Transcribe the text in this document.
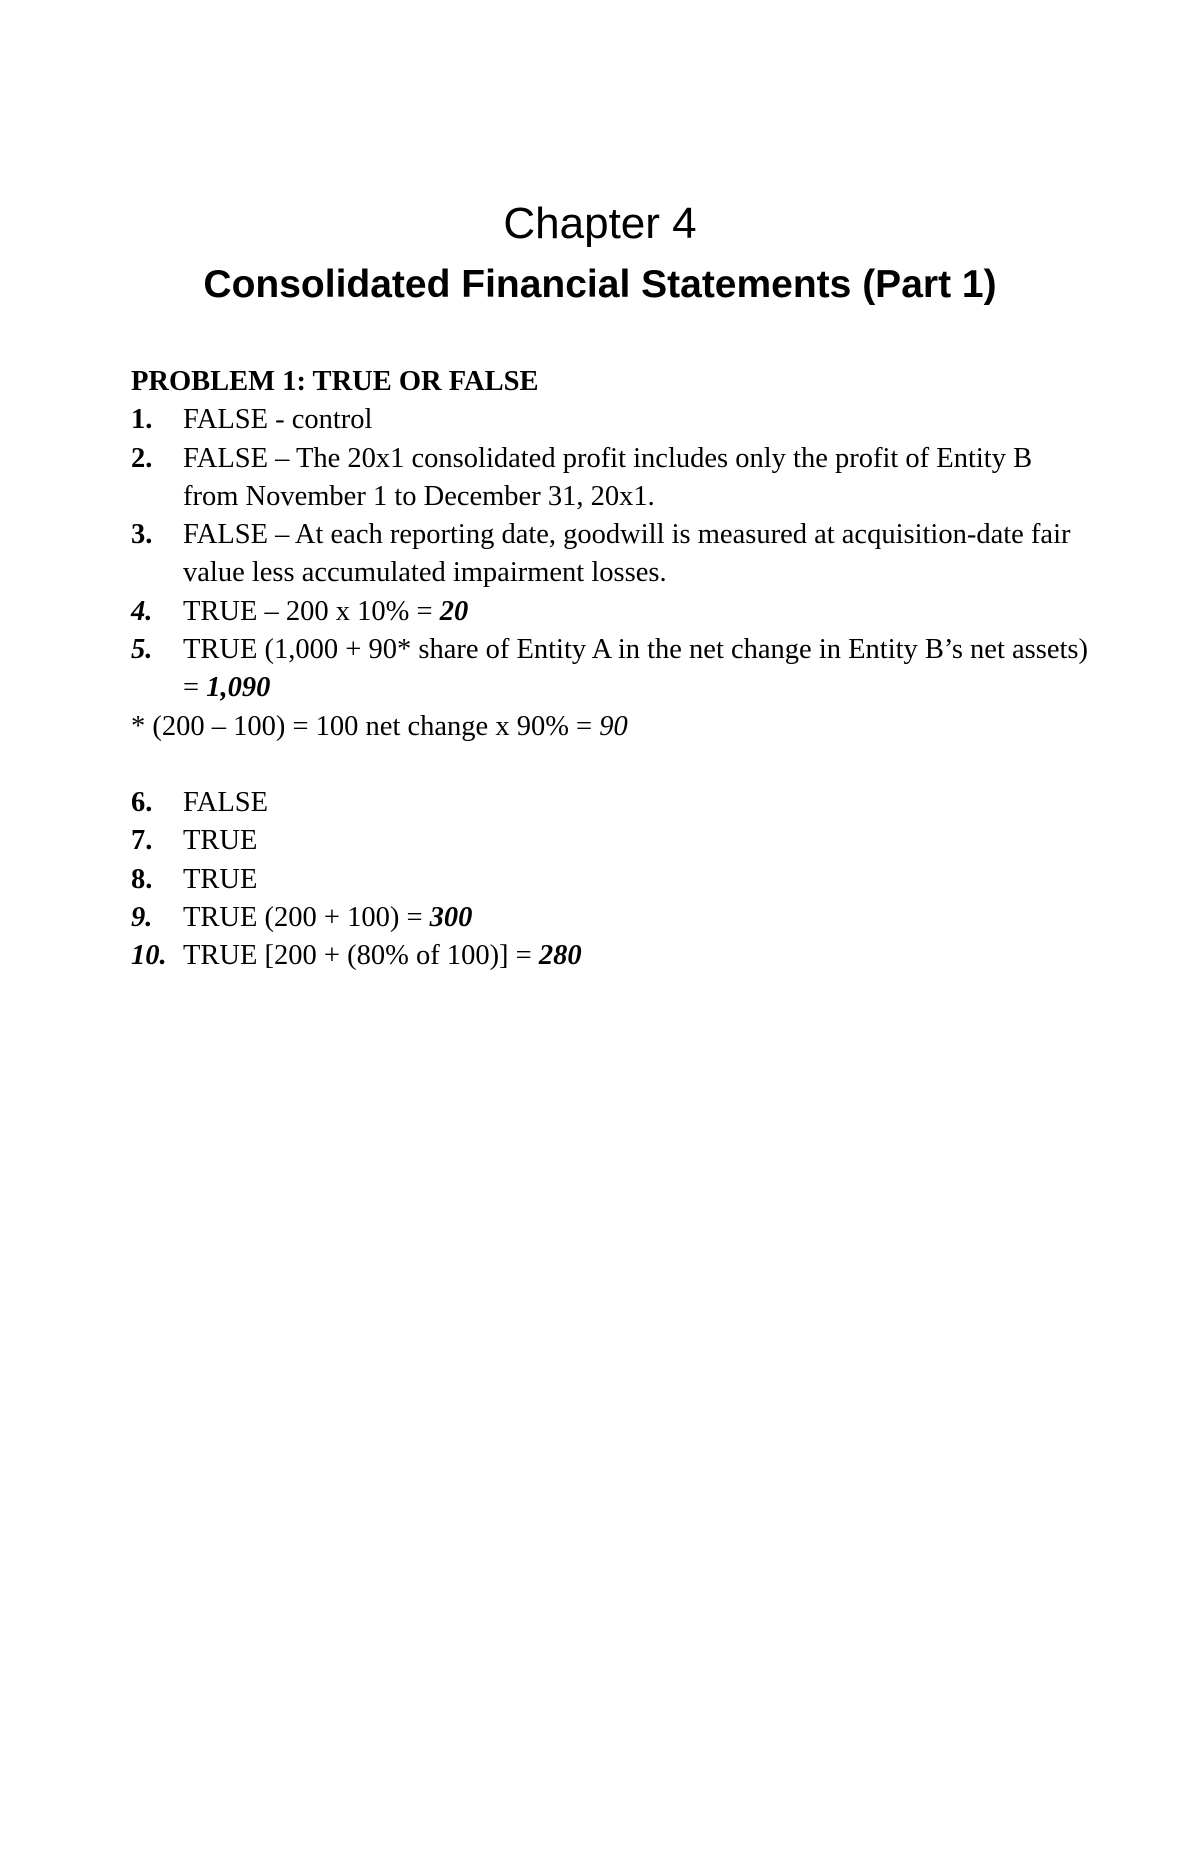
Chapter 4
Consolidated Financial Statements (Part 1)

PROBLEM 1: TRUE OR FALSE

1. FALSE - control
2. FALSE – The 20x1 consolidated profit includes only the profit of Entity B from November 1 to December 31, 20x1.
3. FALSE – At each reporting date, goodwill is measured at acquisition-date fair value less accumulated impairment losses.
4. TRUE – 200 x 10% = 20
5. TRUE (1,000 + 90* share of Entity A in the net change in Entity B’s net assets) = 1,090

* (200 – 100) = 100 net change x 90% = 90

6. FALSE
7. TRUE
8. TRUE
9. TRUE (200 + 100) = 300
10. TRUE [200 + (80% of 100)] = 280
